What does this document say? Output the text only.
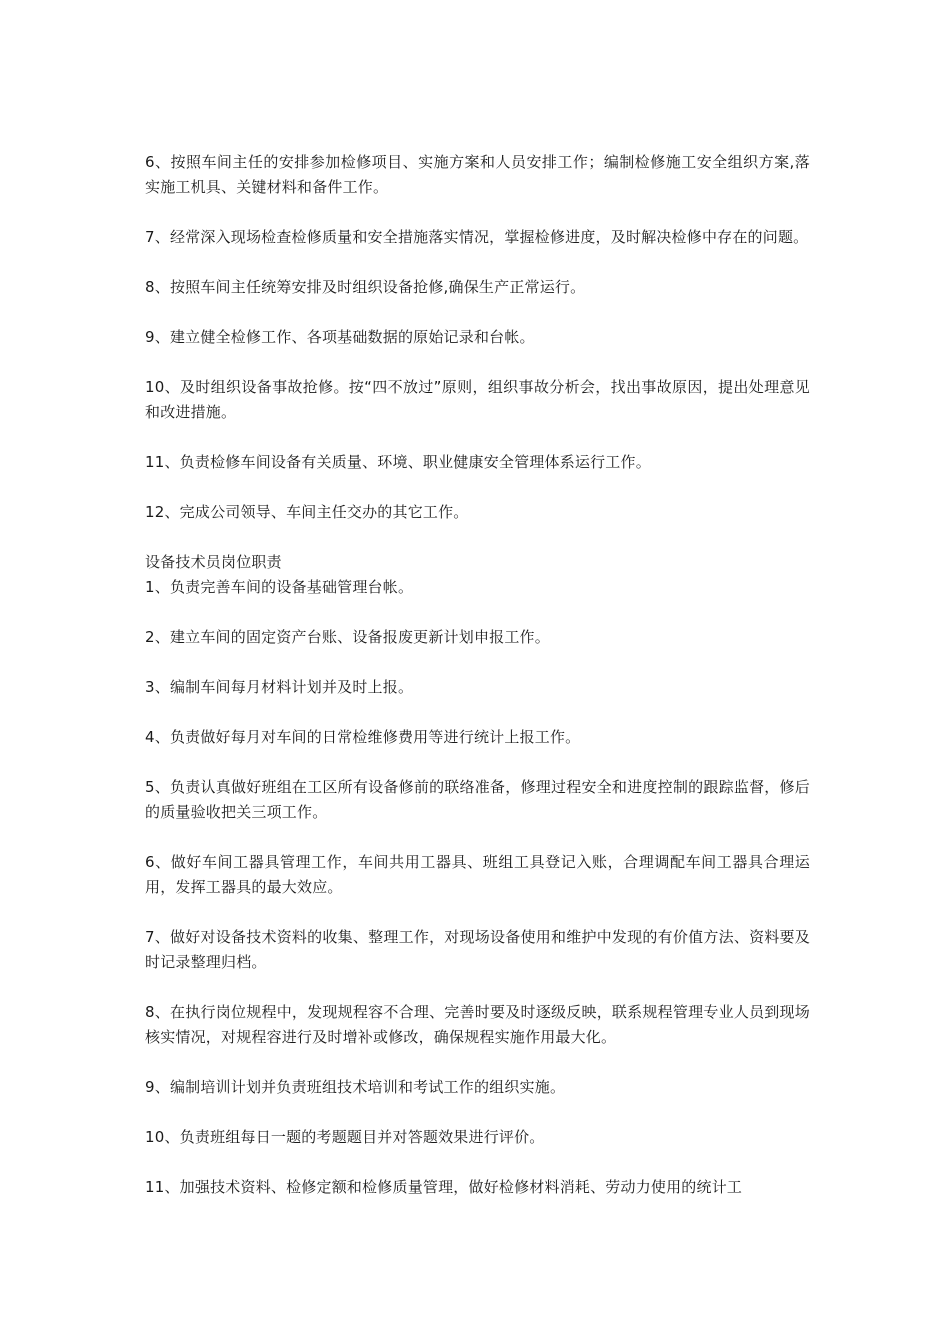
6、按照车间主任的安排参加检修项目、实施方案和人员安排工作；编制检修施工安全组织方案,落实施工机具、关键材料和备件工作。

7、经常深入现场检查检修质量和安全措施落实情况，掌握检修进度，及时解决检修中存在的问题。

8、按照车间主任统筹安排及时组织设备抢修,确保生产正常运行。

9、建立健全检修工作、各项基础数据的原始记录和台帐。

10、及时组织设备事故抢修。按“四不放过”原则，组织事故分析会，找出事故原因，提出处理意见和改进措施。

11、负责检修车间设备有关质量、环境、职业健康安全管理体系运行工作。

12、完成公司领导、车间主任交办的其它工作。

设备技术员岗位职责

1、负责完善车间的设备基础管理台帐。

2、建立车间的固定资产台账、设备报废更新计划申报工作。

3、编制车间每月材料计划并及时上报。

4、负责做好每月对车间的日常检维修费用等进行统计上报工作。

5、负责认真做好班组在工区所有设备修前的联络准备，修理过程安全和进度控制的跟踪监督，修后的质量验收把关三项工作。

6、做好车间工器具管理工作，车间共用工器具、班组工具登记入账，合理调配车间工器具合理运用，发挥工器具的最大效应。

7、做好对设备技术资料的收集、整理工作，对现场设备使用和维护中发现的有价值方法、资料要及时记录整理归档。

8、在执行岗位规程中，发现规程容不合理、完善时要及时逐级反映，联系规程管理专业人员到现场核实情况，对规程容进行及时增补或修改，确保规程实施作用最大化。

9、编制培训计划并负责班组技术培训和考试工作的组织实施。

10、负责班组每日一题的考题题目并对答题效果进行评价。

11、加强技术资料、检修定额和检修质量管理，做好检修材料消耗、劳动力使用的统计工
